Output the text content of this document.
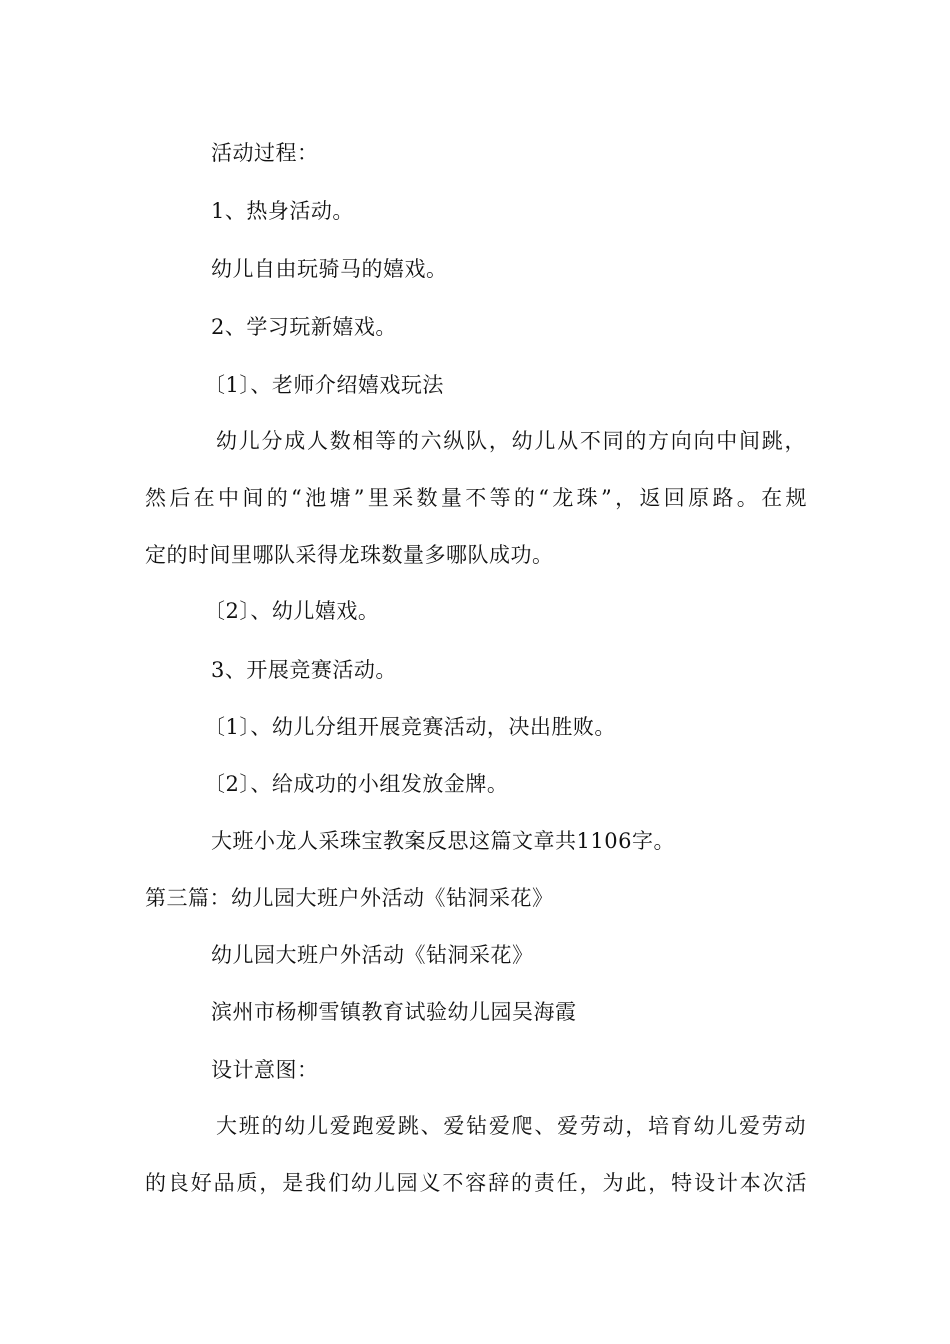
活动过程：
1、热身活动。
幼儿自由玩骑马的嬉戏。
2、学习玩新嬉戏。
〔1〕、老师介绍嬉戏玩法
幼儿分成人数相等的六纵队，幼儿从不同的方向向中间跳，
然后在中间的“池塘”里采数量不等的“龙珠”，返回原路。在规
定的时间里哪队采得龙珠数量多哪队成功。
〔2〕、幼儿嬉戏。
3、开展竞赛活动。
〔1〕、幼儿分组开展竞赛活动，决出胜败。
〔2〕、给成功的小组发放金牌。
大班小龙人采珠宝教案反思这篇文章共1106字。
第三篇：幼儿园大班户外活动《钻洞采花》
幼儿园大班户外活动《钻洞采花》
滨州市杨柳雪镇教育试验幼儿园吴海霞
设计意图：
大班的幼儿爱跑爱跳、爱钻爱爬、爱劳动，培育幼儿爱劳动
的良好品质，是我们幼儿园义不容辞的责任，为此，特设计本次活
